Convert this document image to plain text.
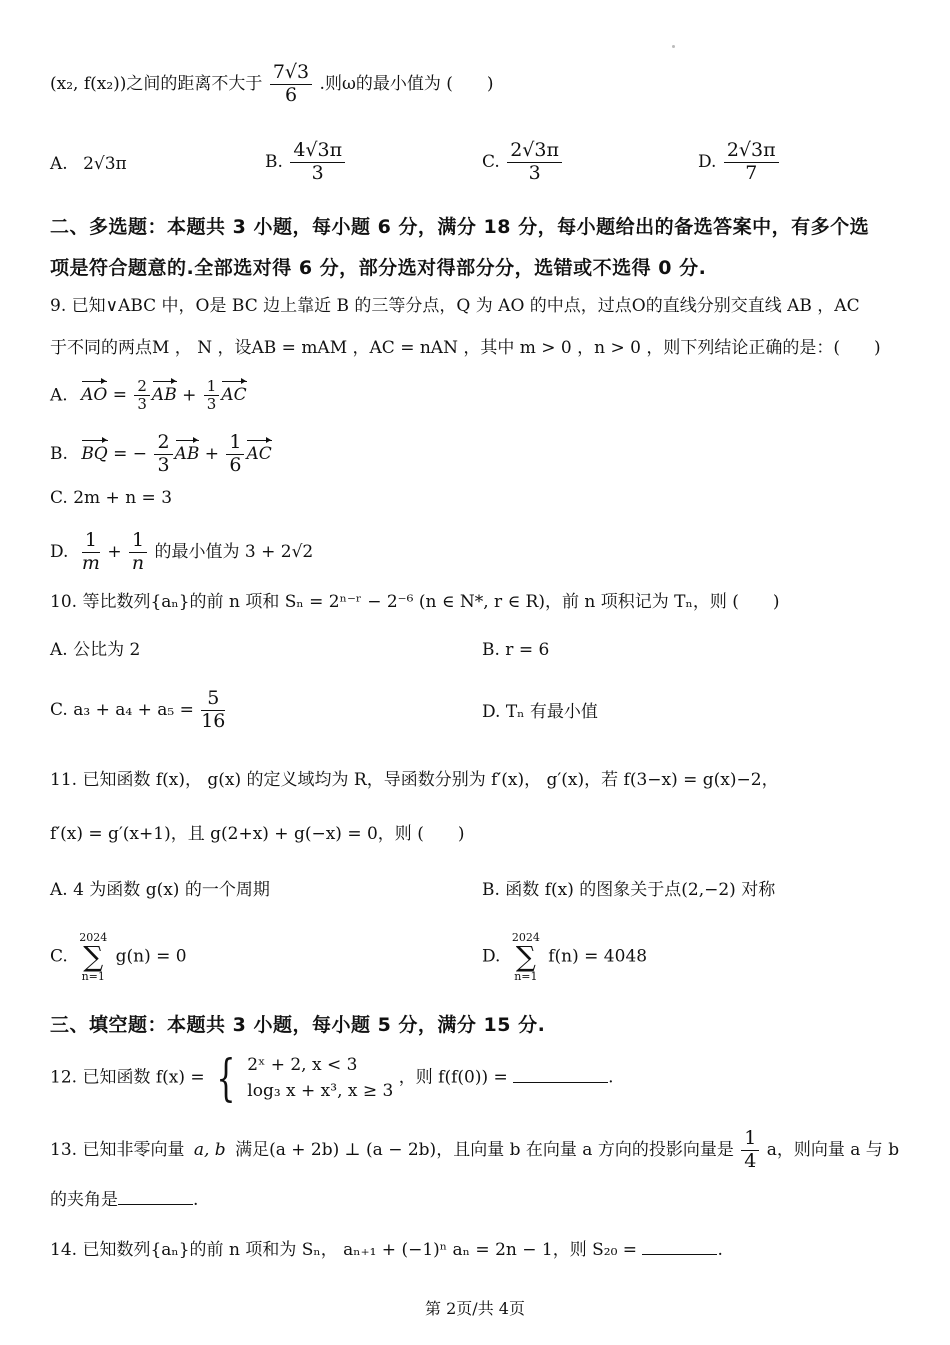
(x₂, f(x₂))之间的距离不大于 $\frac{7√3}{6}$ .则ω的最小值为 (　　)
A. 2√3π	B. $\frac{4√3\pi}{3}$	C. $\frac{2√3\pi}{3}$	D. $\frac{2√3\pi}{7}$
二、多选题：本题共 3 小题，每小题 6 分，满分 18 分，每小题给出的备选答案中，有多个选
项是符合题意的.全部选对得 6 分，部分选对得部分分，选错或不选得 0 分.
9. 已知∨ABC 中，O是 BC 边上靠近 B 的三等分点，Q 为 AO 的中点，过点O的直线分别交直线 AB ，AC
于不同的两点M ， N ，设AB = mAM ，AC = nAN ，其中 m > 0 ，n > 0 ，则下列结论正确的是：(　　)
A. AO = $\frac{2}{3}$ AB + $\frac{1}{3}$ AC
B. BQ = − $\frac{2}{3}$ AB + $\frac{1}{6}$ AC
C. 2m + n = 3
D. $\frac{1}{m} + \frac{1}{n}$ 的最小值为 3 + 2√2
10. 等比数列{aₙ}的前 n 项和 Sₙ = 2ⁿ⁻ʳ − 2⁻⁶ (n ∈ N*, r ∈ R)，前 n 项积记为 Tₙ，则 (　　)
A. 公比为 2	B. r = 6
C. $a_3 + a_4 + a_5 = \frac{5}{16}$	D. Tₙ 有最小值
11. 已知函数 f(x)， g(x) 的定义域均为 R，导函数分别为 f′(x)， g′(x)，若 f(3−x) = g(x)−2，
f′(x) = g′(x+1)，且 g(2+x) + g(−x) = 0，则 (　　)
A. 4 为函数 g(x) 的一个周期	B. 函数 f(x) 的图象关于点(2,−2) 对称
C.
2024
∑
n=1
g(n) = 0	D.
2024
∑
n=1
f(n) = 4048
三、填空题：本题共 3 小题，每小题 5 分，满分 15 分.
12. 已知函数 f(x) = { 2ˣ + 2, x < 3
log₃ x + x³, x ≥ 3
，则 f(f(0)) =	.
13. 已知非零向量 a, b 满足(a + 2b) ⊥ (a − 2b)，且向量 b 在向量 a 方向的投影向量是 $\frac{1}{4}$ a，则向量 a 与 b
的夹角是	.
14. 已知数列{aₙ}的前 n 项和为 Sₙ， aₙ₊₁ + (−1)ⁿ aₙ = 2n − 1，则 S₂₀ =	.
第 2页/共 4页
